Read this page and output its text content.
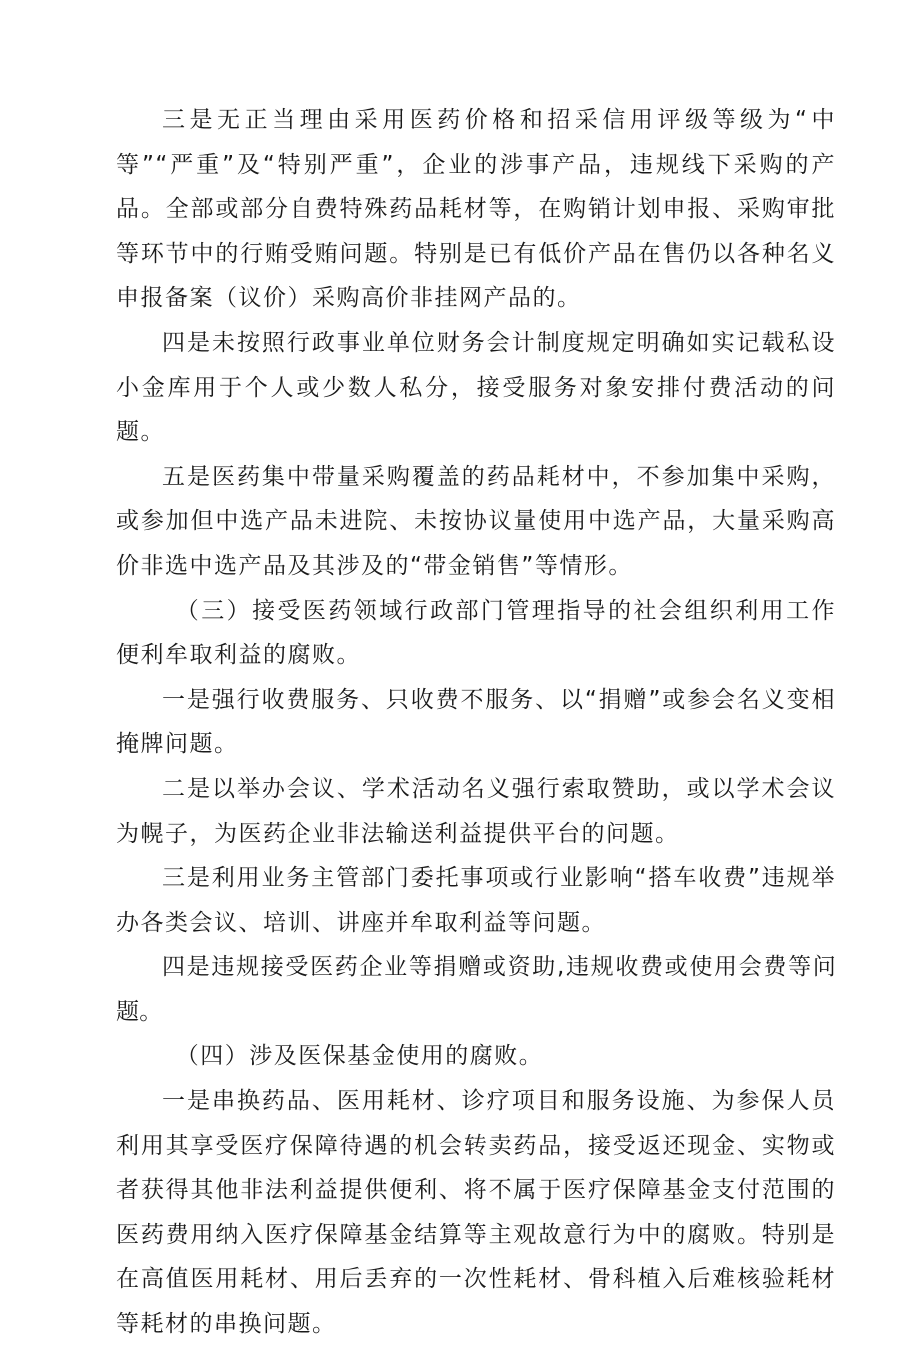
三是无正当理由采用医药价格和招采信用评级等级为“中等”“严重”及“特别严重”，企业的涉事产品，违规线下采购的产品。全部或部分自费特殊药品耗材等，在购销计划申报、采购审批等环节中的行贿受贿问题。特别是已有低价产品在售仍以各种名义申报备案（议价）采购高价非挂网产品的。

四是未按照行政事业单位财务会计制度规定明确如实记载私设小金库用于个人或少数人私分，接受服务对象安排付费活动的问题。

五是医药集中带量采购覆盖的药品耗材中，不参加集中采购，或参加但中选产品未进院、未按协议量使用中选产品，大量采购高价非选中选产品及其涉及的“带金销售”等情形。

（三）接受医药领域行政部门管理指导的社会组织利用工作便利牟取利益的腐败。

一是强行收费服务、只收费不服务、以“捐赠”或参会名义变相掩牌问题。

二是以举办会议、学术活动名义强行索取赞助，或以学术会议为幌子，为医药企业非法输送利益提供平台的问题。

三是利用业务主管部门委托事项或行业影响“搭车收费”违规举办各类会议、培训、讲座并牟取利益等问题。

四是违规接受医药企业等捐赠或资助,违规收费或使用会费等问题。

（四）涉及医保基金使用的腐败。

一是串换药品、医用耗材、诊疗项目和服务设施、为参保人员利用其享受医疗保障待遇的机会转卖药品，接受返还现金、实物或者获得其他非法利益提供便利、将不属于医疗保障基金支付范围的医药费用纳入医疗保障基金结算等主观故意行为中的腐败。特别是在高值医用耗材、用后丢弃的一次性耗材、骨科植入后难核验耗材等耗材的串换问题。
